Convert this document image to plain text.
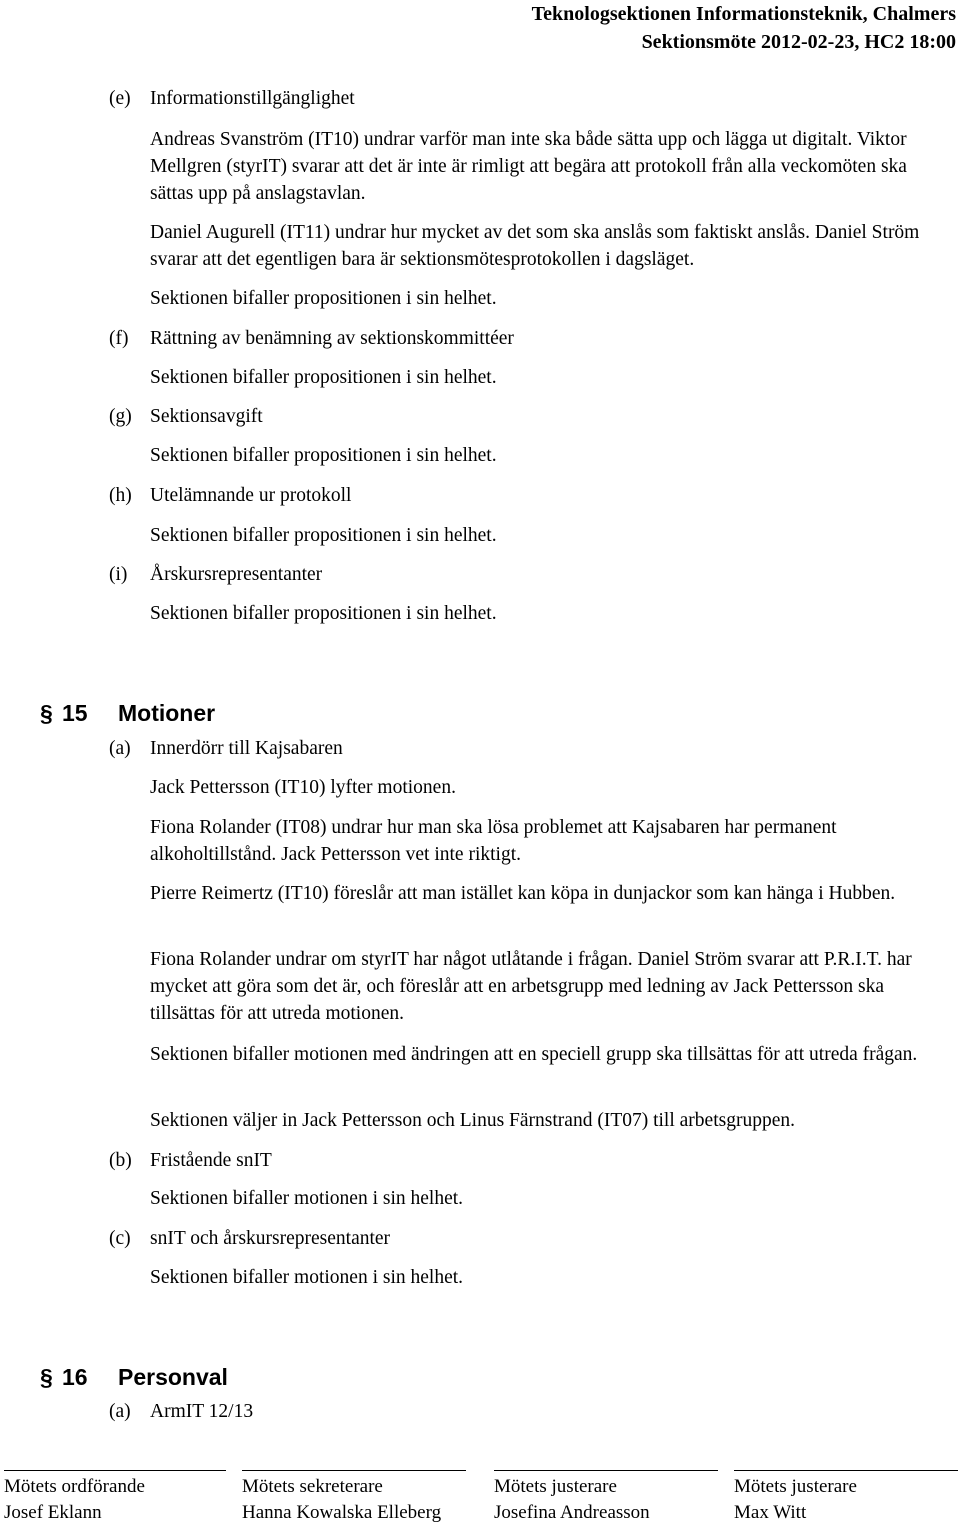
Teknologsektionen Informationsteknik, Chalmers
Sektionsmöte 2012-02-23, HC2 18:00
(e) Informationstillgänglighet

Andreas Svanström (IT10) undrar varför man inte ska både sätta upp och lägga ut digitalt. Viktor Mellgren (styrIT) svarar att det är inte är rimligt att begära att protokoll från alla veckomöten ska sättas upp på anslagstavlan.

Daniel Augurell (IT11) undrar hur mycket av det som ska anslås som faktiskt anslås. Daniel Ström svarar att det egentligen bara är sektionsmötesprotokollen i dagsläget.

Sektionen bifaller propositionen i sin helhet.

(f) Rättning av benämning av sektionskommittéer

Sektionen bifaller propositionen i sin helhet.

(g) Sektionsavgift

Sektionen bifaller propositionen i sin helhet.

(h) Utelämnande ur protokoll

Sektionen bifaller propositionen i sin helhet.

(i) Årskursrepresentanter

Sektionen bifaller propositionen i sin helhet.

§ 15 Motioner
(a) Innerdörr till Kajsabaren

Jack Pettersson (IT10) lyfter motionen.

Fiona Rolander (IT08) undrar hur man ska lösa problemet att Kajsabaren har permanent alkoholtillstånd. Jack Pettersson vet inte riktigt.

Pierre Reimertz (IT10) föreslår att man istället kan köpa in dunjackor som kan hänga i Hubben.

Fiona Rolander undrar om styrIT har något utlåtande i frågan. Daniel Ström svarar att P.R.I.T. har mycket att göra som det är, och föreslår att en arbetsgrupp med ledning av Jack Pettersson ska tillsättas för att utreda motionen.

Sektionen bifaller motionen med ändringen att en speciell grupp ska tillsättas för att utreda frågan.

Sektionen väljer in Jack Pettersson och Linus Färnstrand (IT07) till arbetsgruppen.

(b) Fristående snIT

Sektionen bifaller motionen i sin helhet.

(c) snIT och årskursrepresentanter

Sektionen bifaller motionen i sin helhet.

§ 16 Personval
(a) ArmIT 12/13

Mötets ordförande
Josef Eklann
Mötets sekreterare
Hanna Kowalska Elleberg
Mötets justerare
Josefina Andreasson
Mötets justerare
Max Witt
